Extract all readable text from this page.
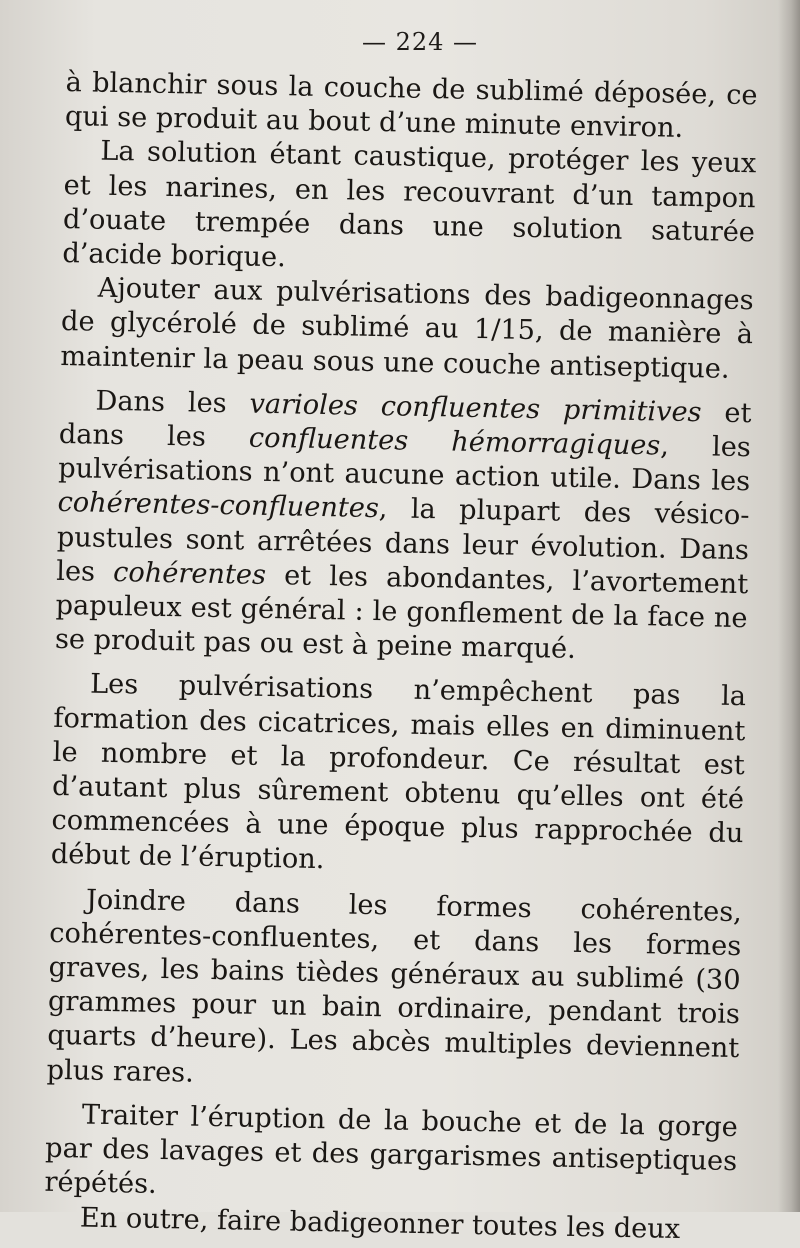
— 224 —

à blanchir sous la couche de sublimé déposée, ce qui se produit au bout d’une minute environ.

La solution étant caustique, protéger les yeux et les narines, en les recouvrant d’un tampon d’ouate trempée dans une solution saturée d’acide borique.

Ajouter aux pulvérisations des badigeonnages de glycérolé de sublimé au 1/15, de manière à maintenir la peau sous une couche antiseptique.

Dans les varioles confluentes primitives et dans les confluentes hémorragiques, les pulvérisations n’ont aucune action utile. Dans les cohérentes-confluentes, la plupart des vésico-pustules sont arrêtées dans leur évolution. Dans les cohérentes et les abondantes, l’avortement papuleux est général : le gonflement de la face ne se produit pas ou est à peine marqué.

Les pulvérisations n’empêchent pas la formation des cicatrices, mais elles en diminuent le nombre et la profondeur. Ce résultat est d’autant plus sûrement obtenu qu’elles ont été commencées à une époque plus rapprochée du début de l’éruption.

Joindre dans les formes cohérentes, cohérentes-confluentes, et dans les formes graves, les bains tièdes généraux au sublimé (30 grammes pour un bain ordinaire, pendant trois quarts d’heure). Les abcès multiples deviennent plus rares.

Traiter l’éruption de la bouche et de la gorge par des lavages et des gargarismes antiseptiques répétés.

En outre, faire badigeonner toutes les deux
